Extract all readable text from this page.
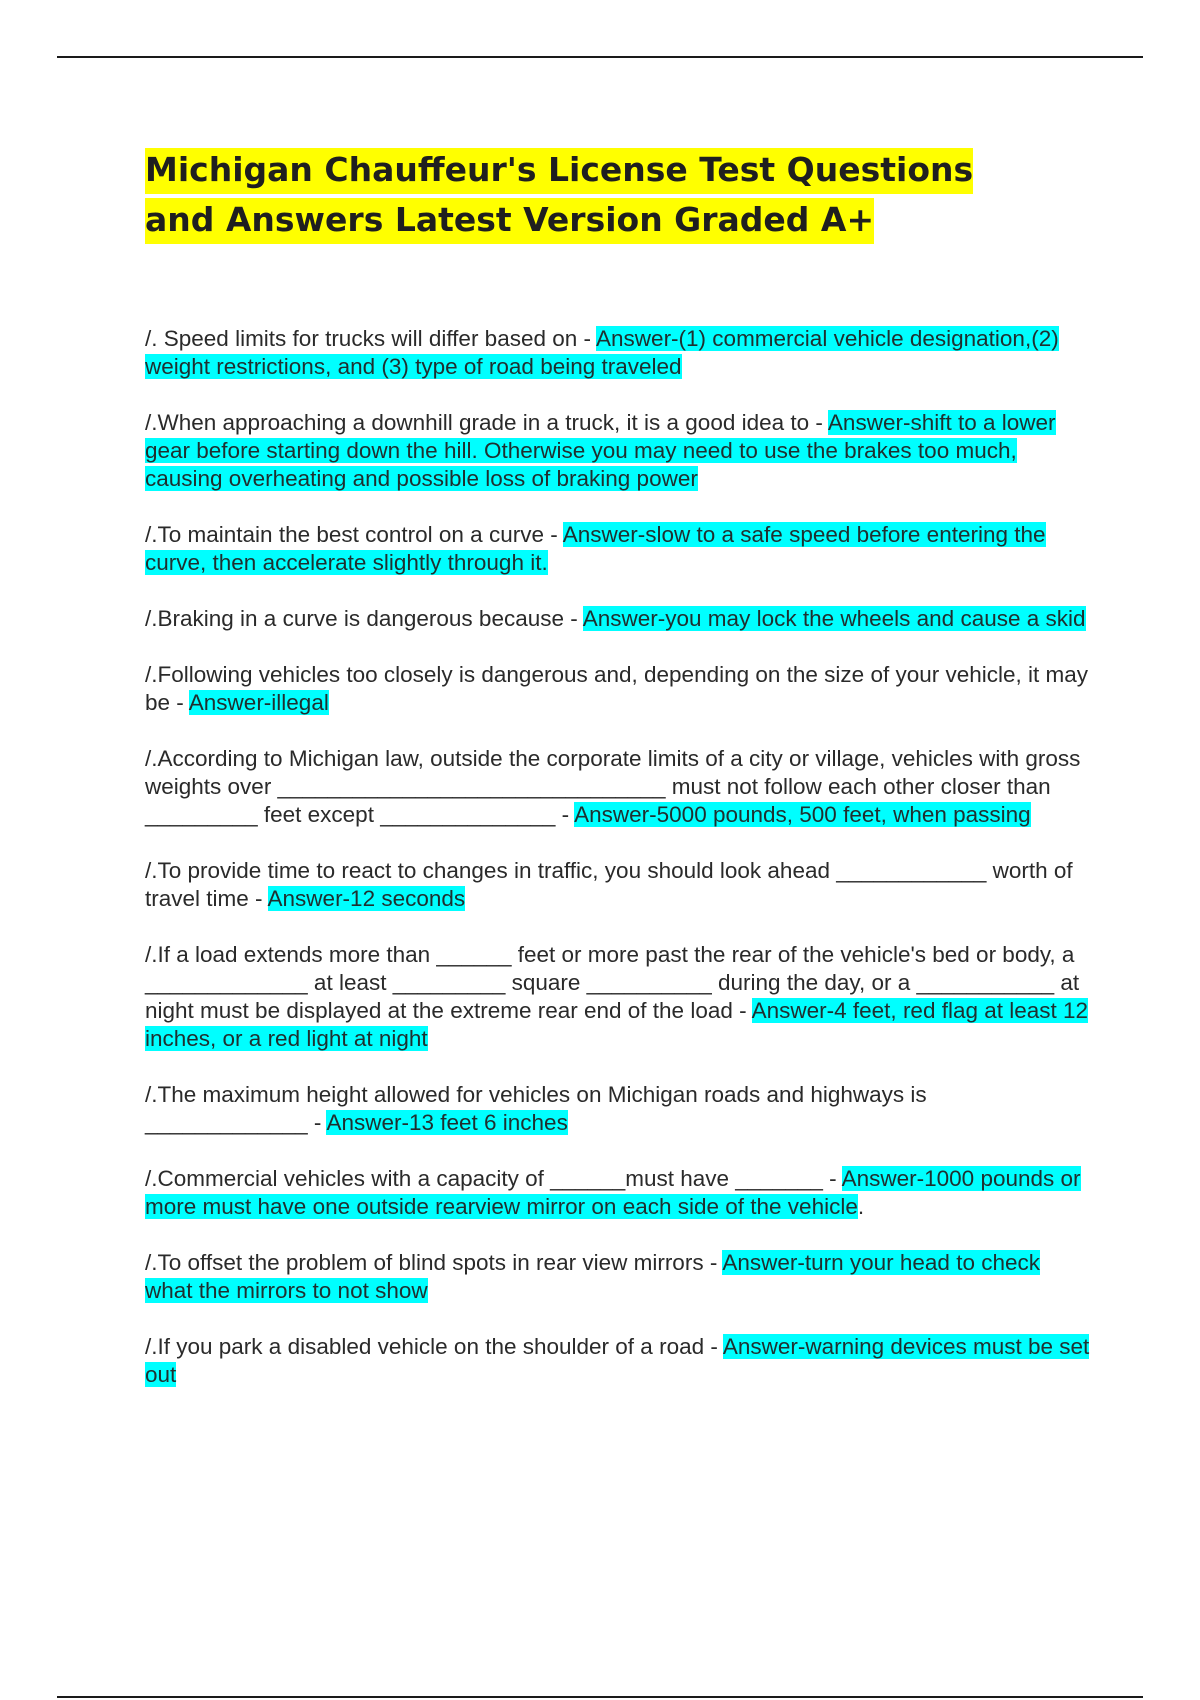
Michigan Chauffeur's License Test Questions and Answers Latest Version Graded A+

/. Speed limits for trucks will differ based on - Answer-(1) commercial vehicle designation,(2) weight restrictions, and (3) type of road being traveled

/.When approaching a downhill grade in a truck, it is a good idea to - Answer-shift to a lower gear before starting down the hill. Otherwise you may need to use the brakes too much, causing overheating and possible loss of braking power

/.To maintain the best control on a curve - Answer-slow to a safe speed before entering the curve, then accelerate slightly through it.

/.Braking in a curve is dangerous because - Answer-you may lock the wheels and cause a skid

/.Following vehicles too closely is dangerous and, depending on the size of your vehicle, it may be - Answer-illegal

/.According to Michigan law, outside the corporate limits of a city or village, vehicles with gross weights over _______________________________ must not follow each other closer than _________ feet except ______________ - Answer-5000 pounds, 500 feet, when passing

/.To provide time to react to changes in traffic, you should look ahead ____________ worth of travel time - Answer-12 seconds

/.If a load extends more than ______ feet or more past the rear of the vehicle's bed or body, a _____________ at least _________ square __________ during the day, or a ___________ at night must be displayed at the extreme rear end of the load - Answer-4 feet, red flag at least 12 inches, or a red light at night

/.The maximum height allowed for vehicles on Michigan roads and highways is _____________ - Answer-13 feet 6 inches

/.Commercial vehicles with a capacity of ______must have _______ - Answer-1000 pounds or more must have one outside rearview mirror on each side of the vehicle.

/.To offset the problem of blind spots in rear view mirrors - Answer-turn your head to check what the mirrors to not show

/.If you park a disabled vehicle on the shoulder of a road - Answer-warning devices must be set out
